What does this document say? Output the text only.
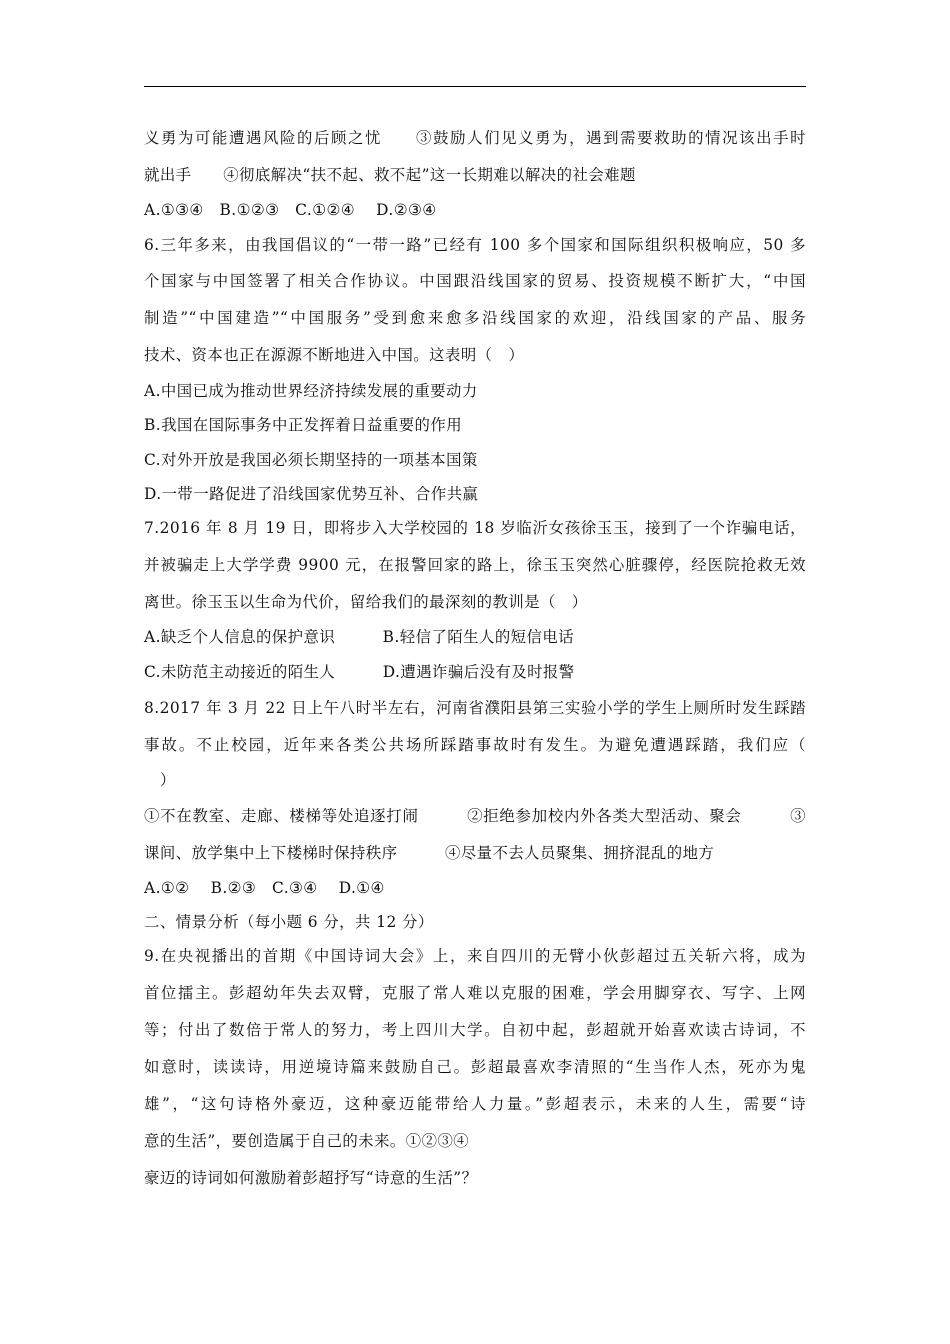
义勇为可能遭遇风险的后顾之忧　　③鼓励人们见义勇为，遇到需要救助的情况该出手时
就出手　　④彻底解决“扶不起、救不起”这一长期难以解决的社会难题
A.①③④　B.①②③　C.①②④　 D.②③④
6.三年多来，由我国倡议的“一带一路”已经有 100 多个国家和国际组织积极响应，50 多
个国家与中国签署了相关合作协议。中国跟沿线国家的贸易、投资规模不断扩大，“中国
制造”“中国建造”“中国服务”受到愈来愈多沿线国家的欢迎，沿线国家的产品、服务
技术、资本也正在源源不断地进入中国。这表明（　）
A.中国已成为推动世界经济持续发展的重要动力
B.我国在国际事务中正发挥着日益重要的作用
C.对外开放是我国必须长期坚持的一项基本国策
D.一带一路促进了沿线国家优势互补、合作共赢
7.2016 年 8 月 19 日，即将步入大学校园的 18 岁临沂女孩徐玉玉，接到了一个诈骗电话，
并被骗走上大学学费 9900 元，在报警回家的路上，徐玉玉突然心脏骤停，经医院抢救无效
离世。徐玉玉以生命为代价，留给我们的最深刻的教训是（　）
A.缺乏个人信息的保护意识　　　B.轻信了陌生人的短信电话
C.未防范主动接近的陌生人　　　D.遭遇诈骗后没有及时报警
8.2017 年 3 月 22 日上午八时半左右，河南省濮阳县第三实验小学的学生上厕所时发生踩踏
事故。不止校园，近年来各类公共场所踩踏事故时有发生。为避免遭遇踩踏，我们应（
　）
①不在教室、走廊、楼梯等处追逐打闹　　　②拒绝参加校内外各类大型活动、聚会　　　③
课间、放学集中上下楼梯时保持秩序　　　④尽量不去人员聚集、拥挤混乱的地方
A.①②　 B.②③　C.③④　 D.①④
二、情景分析（每小题 6 分，共 12 分）
9.在央视播出的首期《中国诗词大会》上，来自四川的无臂小伙彭超过五关斩六将，成为
首位擂主。彭超幼年失去双臂，克服了常人难以克服的困难，学会用脚穿衣、写字、上网
等；付出了数倍于常人的努力，考上四川大学。自初中起，彭超就开始喜欢读古诗词，不
如意时，读读诗，用逆境诗篇来鼓励自己。彭超最喜欢李清照的“生当作人杰，死亦为鬼
雄”，“这句诗格外豪迈，这种豪迈能带给人力量。”彭超表示，未来的人生，需要“诗
意的生活”，要创造属于自己的未来。①②③④
豪迈的诗词如何激励着彭超抒写“诗意的生活”？
